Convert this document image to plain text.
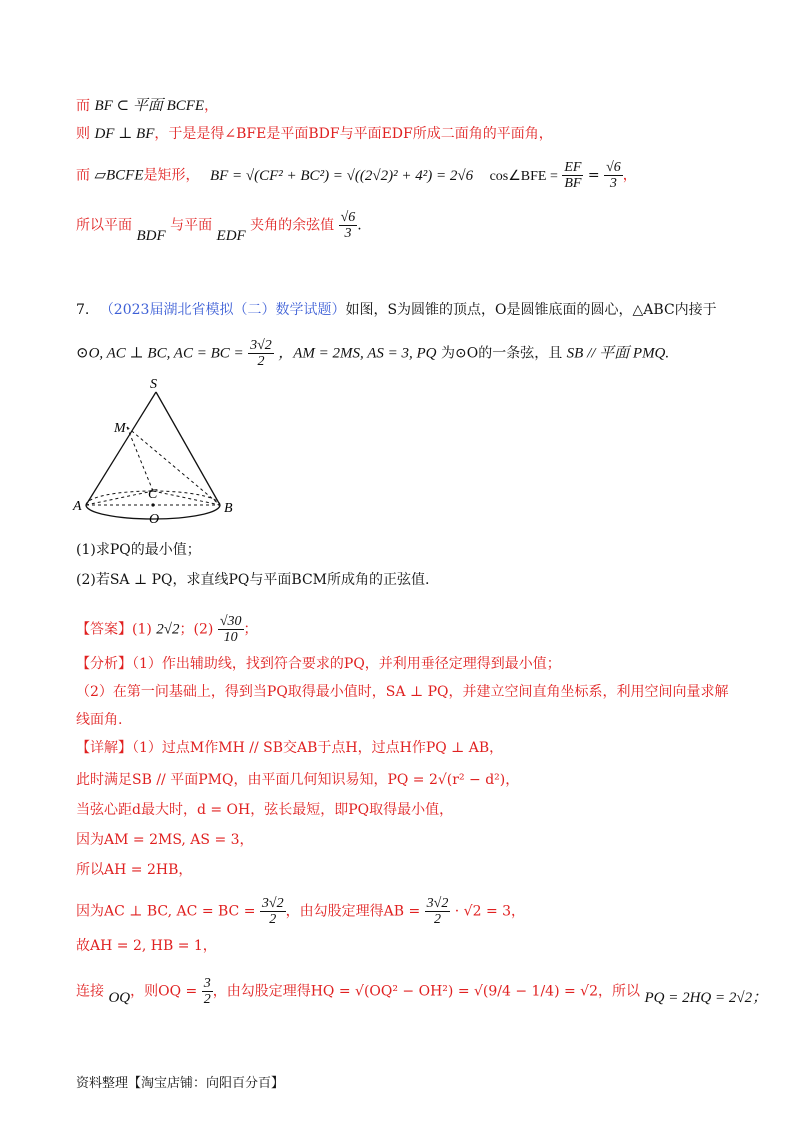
而 BF ⊂ 平面 BCFE，
则 DF ⊥ BF，于是是得∠BFE是平面BDF与平面EDF所成二面角的平面角，
而 ▱BCFE是矩形， BF = √(CF² + BC²) = √((2√2)² + 4²) = 2√6 cos∠BFE = $\frac{EF}{BF} = \frac{√6}{3}$ ，
所以平面 BDF 与平面 EDF 夹角的余弦值 $\frac{√6}{3}$ .
7. （2023届湖北省模拟（二）数学试题）如图，S为圆锥的顶点，O是圆锥底面的圆心，△ABC内接于
⊙O, AC ⊥ BC, AC = BC = $\frac{3√2}{2}$ ，AM = 2MS, AS = 3, PQ 为⊙O的一条弦，且 SB // 平面 PMQ.
S
M
A	B
C
O
(1)求PQ的最小值；
(2)若SA ⊥ PQ，求直线PQ与平面BCM所成角的正弦值.
【答案】(1) 2√2；$(2) \frac{√30}{10}$ ；
【分析】（1）作出辅助线，找到符合要求的PQ，并利用垂径定理得到最小值；
（2）在第一问基础上，得到当PQ取得最小值时，SA ⊥ PQ，并建立空间直角坐标系，利用空间向量求解
线面角.
【详解】（1）过点M作MH // SB交AB于点H，过点H作PQ ⊥ AB，
此时满足SB // 平面PMQ，由平面几何知识易知，PQ = 2√(r² − d²)，
当弦心距d最大时，d = OH，弦长最短，即PQ取得最小值，
因为AM = 2MS, AS = 3，
所以AH = 2HB，
因为AC ⊥ BC, AC = BC = $\frac{3√2}{2}$ ，由勾股定理得AB = $\frac{3√2}{2} \cdot √2 = 3$，
故AH = 2, HB = 1，
连接 OQ，则OQ = $\frac{3}{2}$ ，由勾股定理得HQ = √(OQ² − OH²) = √(9/4 − 1/4) = √2，所以 PQ = 2HQ = 2√2；
资料整理【淘宝店铺：向阳百分百】
